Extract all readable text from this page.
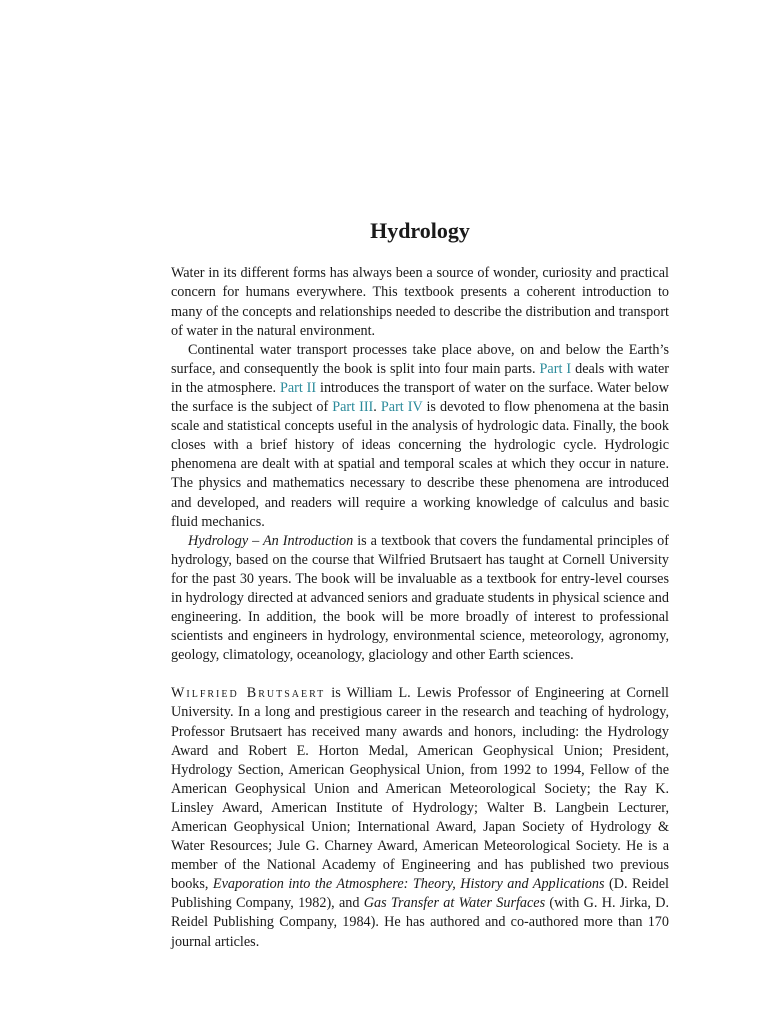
Hydrology

Water in its different forms has always been a source of wonder, curiosity and practical concern for humans everywhere. This textbook presents a coherent introduction to many of the concepts and relationships needed to describe the distribution and transport of water in the natural environment.

Continental water transport processes take place above, on and below the Earth’s surface, and consequently the book is split into four main parts. Part I deals with water in the atmosphere. Part II introduces the transport of water on the surface. Water below the surface is the subject of Part III. Part IV is devoted to flow phenomena at the basin scale and statistical concepts useful in the analysis of hydrologic data. Finally, the book closes with a brief history of ideas concerning the hydrologic cycle. Hydrologic phenomena are dealt with at spatial and temporal scales at which they occur in nature. The physics and mathematics necessary to describe these phenomena are introduced and developed, and readers will require a working knowledge of calculus and basic fluid mechanics.

Hydrology – An Introduction is a textbook that covers the fundamental principles of hydrology, based on the course that Wilfried Brutsaert has taught at Cornell University for the past 30 years. The book will be invaluable as a textbook for entry-level courses in hydrology directed at advanced seniors and graduate students in physical science and engineering. In addition, the book will be more broadly of interest to professional scientists and engineers in hydrology, environmental science, meteorology, agronomy, geology, climatology, oceanology, glaciology and other Earth sciences.

Wilfried Brutsaert is William L. Lewis Professor of Engineering at Cornell University. In a long and prestigious career in the research and teaching of hydrology, Professor Brutsaert has received many awards and honors, including: the Hydrology Award and Robert E. Horton Medal, American Geophysical Union; President, Hydrology Section, American Geophysical Union, from 1992 to 1994, Fellow of the American Geophysical Union and American Meteorological Society; the Ray K. Linsley Award, American Institute of Hydrology; Walter B. Langbein Lecturer, American Geophysical Union; International Award, Japan Society of Hydrology & Water Resources; Jule G. Charney Award, American Meteorological Society. He is a member of the National Academy of Engineering and has published two previous books, Evaporation into the Atmosphere: Theory, History and Applications (D. Reidel Publishing Company, 1982), and Gas Transfer at Water Surfaces (with G. H. Jirka, D. Reidel Publishing Company, 1984). He has authored and co-authored more than 170 journal articles.
